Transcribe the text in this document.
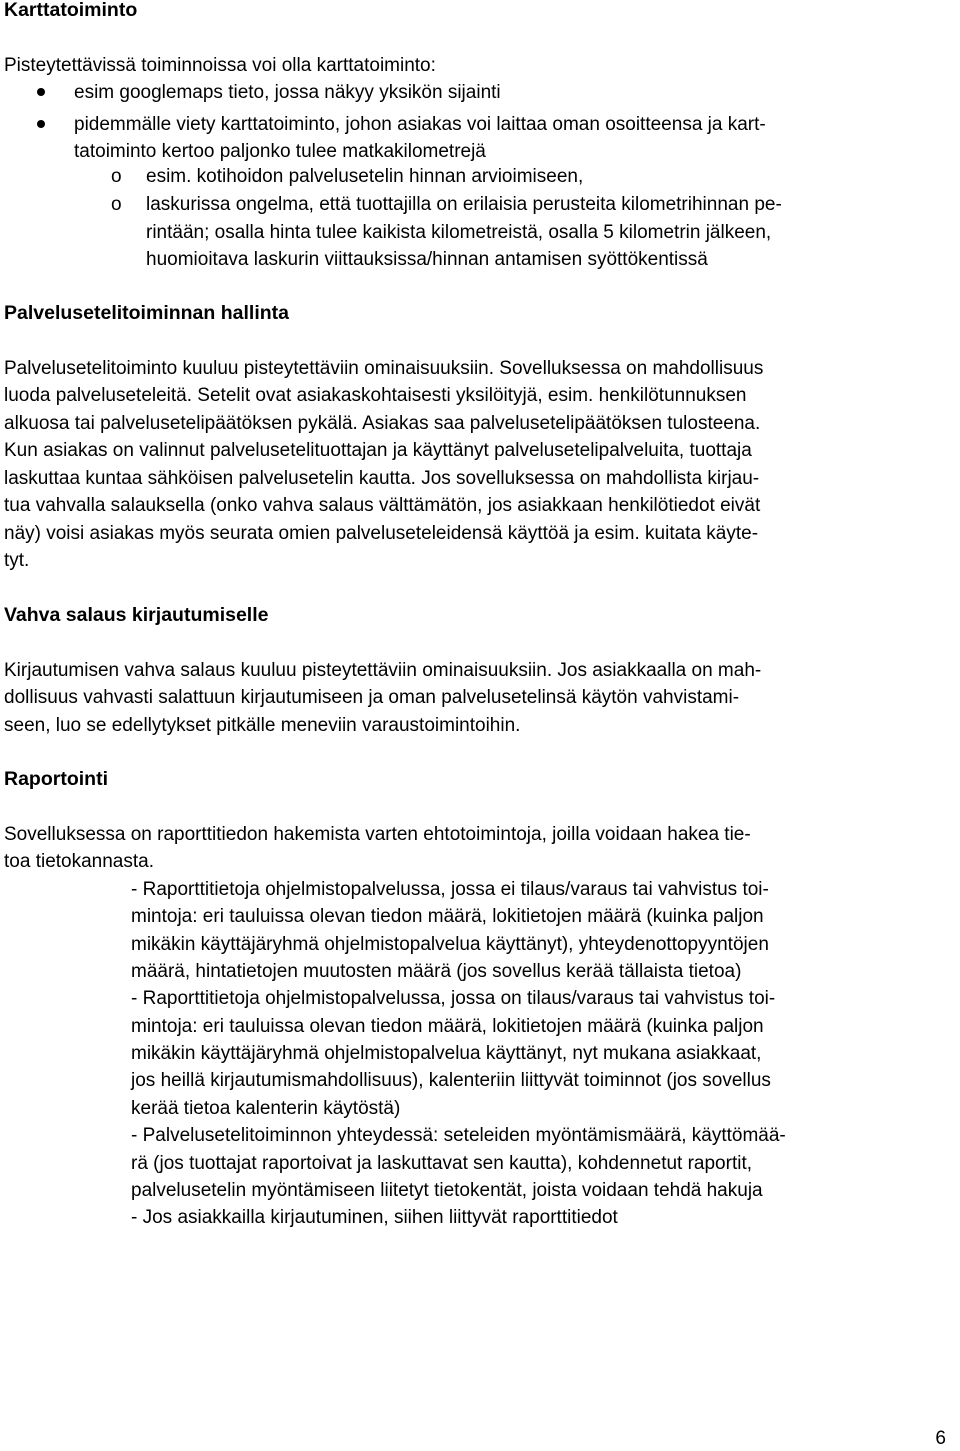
Karttatoiminto
Pisteytettävissä toiminnoissa voi olla karttatoiminto:
esim googlemaps tieto, jossa näkyy yksikön sijainti
pidemmälle viety karttatoiminto, johon asiakas voi laittaa oman osoitteensa ja kart-
tatoiminto kertoo paljonko tulee matkakilometrejä
o esim. kotihoidon palvelusetelin hinnan arvioimiseen,
o laskurissa ongelma, että tuottajilla on erilaisia perusteita kilometrihinnan pe-
rintään; osalla hinta tulee kaikista kilometreistä, osalla 5 kilometrin jälkeen,
huomioitava laskurin viittauksissa/hinnan antamisen syöttökentissä
Palvelusetelitoiminnan hallinta
Palvelusetelitoiminto kuuluu pisteytettäviin ominaisuuksiin. Sovelluksessa on mahdollisuus
luoda palveluseteleitä. Setelit ovat asiakaskohtaisesti yksilöityjä, esim. henkilötunnuksen
alkuosa tai palvelusetelipäätöksen pykälä. Asiakas saa palvelusetelipäätöksen tulosteena.
Kun asiakas on valinnut palvelusetelituottajan ja käyttänyt palvelusetelipalveluita, tuottaja
laskuttaa kuntaa sähköisen palvelusetelin kautta. Jos sovelluksessa on mahdollista kirjau-
tua vahvalla salauksella (onko vahva salaus välttämätön, jos asiakkaan henkilötiedot eivät
näy) voisi asiakas myös seurata omien palveluseteleidensä käyttöä ja esim. kuitata käyte-
tyt.
Vahva salaus kirjautumiselle
Kirjautumisen vahva salaus kuuluu pisteytettäviin ominaisuuksiin. Jos asiakkaalla on mah-
dollisuus vahvasti salattuun kirjautumiseen ja oman palvelusetelinsä käytön vahvistami-
seen, luo se edellytykset pitkälle meneviin varaustoimintoihin.
Raportointi
Sovelluksessa on raporttitiedon hakemista varten ehtotoimintoja, joilla voidaan hakea tie-
toa tietokannasta.
- Raporttitietoja ohjelmistopalvelussa, jossa ei tilaus/varaus tai vahvistus toi-
mintoja: eri tauluissa olevan tiedon määrä, lokitietojen määrä (kuinka paljon
mikäkin käyttäjäryhmä ohjelmistopalvelua käyttänyt), yhteydenottopyyntöjen
määrä, hintatietojen muutosten määrä (jos sovellus kerää tällaista tietoa)
- Raporttitietoja ohjelmistopalvelussa, jossa on tilaus/varaus tai vahvistus toi-
mintoja: eri tauluissa olevan tiedon määrä, lokitietojen määrä (kuinka paljon
mikäkin käyttäjäryhmä ohjelmistopalvelua käyttänyt, nyt mukana asiakkaat,
jos heillä kirjautumismahdollisuus), kalenteriin liittyvät toiminnot (jos sovellus
kerää tietoa kalenterin käytöstä)
- Palvelusetelitoiminnon yhteydessä: seteleiden myöntämismäärä, käyttömää-
rä (jos tuottajat raportoivat ja laskuttavat sen kautta), kohdennetut raportit,
palvelusetelin myöntämiseen liitetyt tietokentät, joista voidaan tehdä hakuja
- Jos asiakkailla kirjautuminen, siihen liittyvät raporttitiedot
6
